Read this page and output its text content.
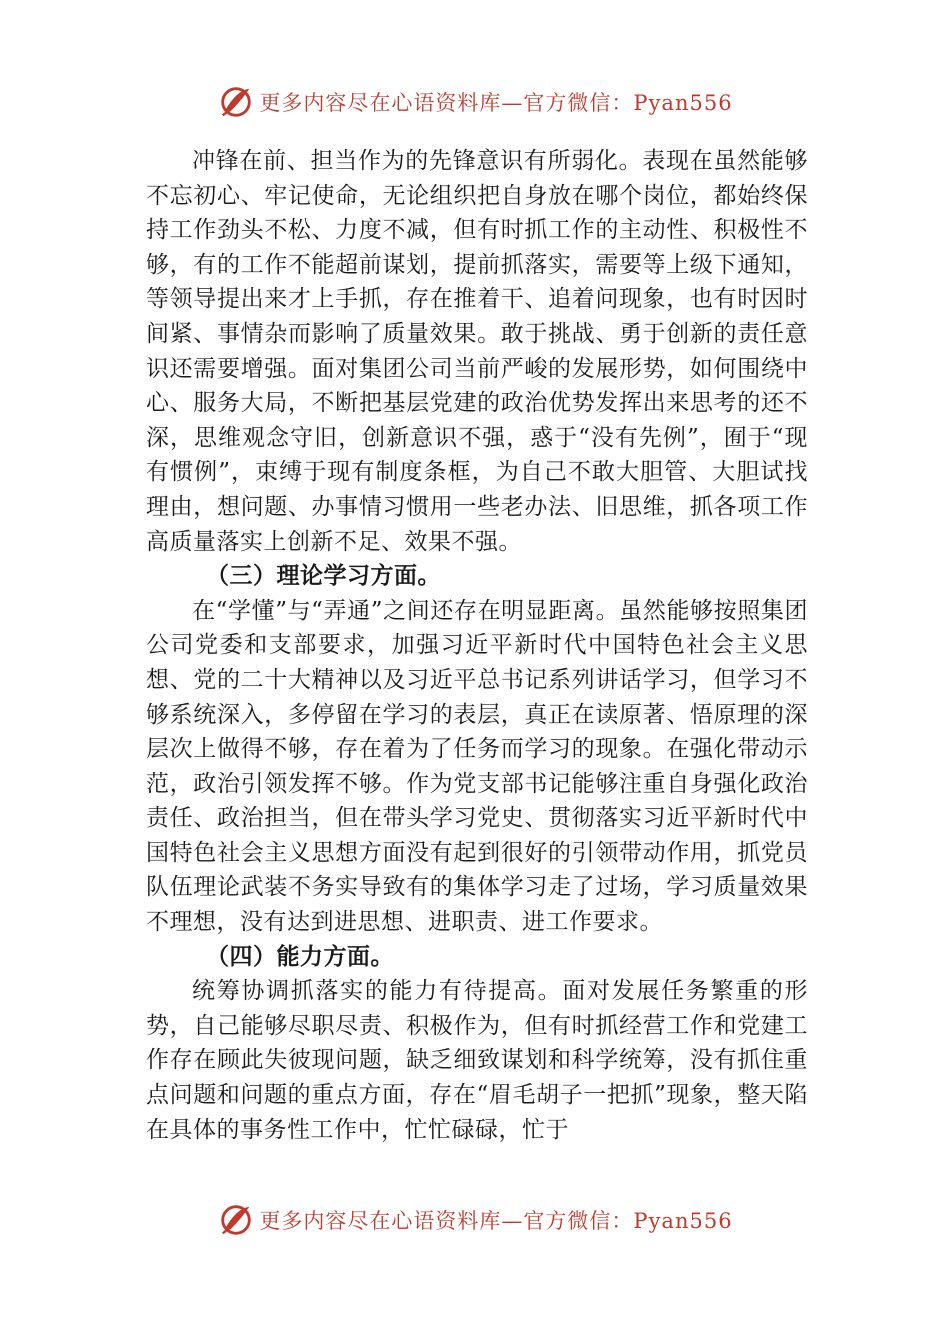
更多内容尽在心语资料库—官方微信：Pyan556

冲锋在前、担当作为的先锋意识有所弱化。表现在虽然能够不忘初心、牢记使命，无论组织把自身放在哪个岗位，都始终保持工作劲头不松、力度不减，但有时抓工作的主动性、积极性不够，有的工作不能超前谋划，提前抓落实，需要等上级下通知，等领导提出来才上手抓，存在推着干、追着问现象，也有时因时间紧、事情杂而影响了质量效果。敢于挑战、勇于创新的责任意识还需要增强。面对集团公司当前严峻的发展形势，如何围绕中心、服务大局，不断把基层党建的政治优势发挥出来思考的还不深，思维观念守旧，创新意识不强，惑于“没有先例”，囿于“现有惯例”，束缚于现有制度条框，为自己不敢大胆管、大胆试找理由，想问题、办事情习惯用一些老办法、旧思维，抓各项工作高质量落实上创新不足、效果不强。

（三）理论学习方面。

在“学懂”与“弄通”之间还存在明显距离。虽然能够按照集团公司党委和支部要求，加强习近平新时代中国特色社会主义思想、党的二十大精神以及习近平总书记系列讲话学习，但学习不够系统深入，多停留在学习的表层，真正在读原著、悟原理的深层次上做得不够，存在着为了任务而学习的现象。在强化带动示范，政治引领发挥不够。作为党支部书记能够注重自身强化政治责任、政治担当，但在带头学习党史、贯彻落实习近平新时代中国特色社会主义思想方面没有起到很好的引领带动作用，抓党员队伍理论武装不务实导致有的集体学习走了过场，学习质量效果不理想，没有达到进思想、进职责、进工作要求。

（四）能力方面。

统筹协调抓落实的能力有待提高。面对发展任务繁重的形势，自己能够尽职尽责、积极作为，但有时抓经营工作和党建工作存在顾此失彼现问题，缺乏细致谋划和科学统筹，没有抓住重点问题和问题的重点方面，存在“眉毛胡子一把抓”现象，整天陷在具体的事务性工作中，忙忙碌碌，忙于

更多内容尽在心语资料库—官方微信：Pyan556
